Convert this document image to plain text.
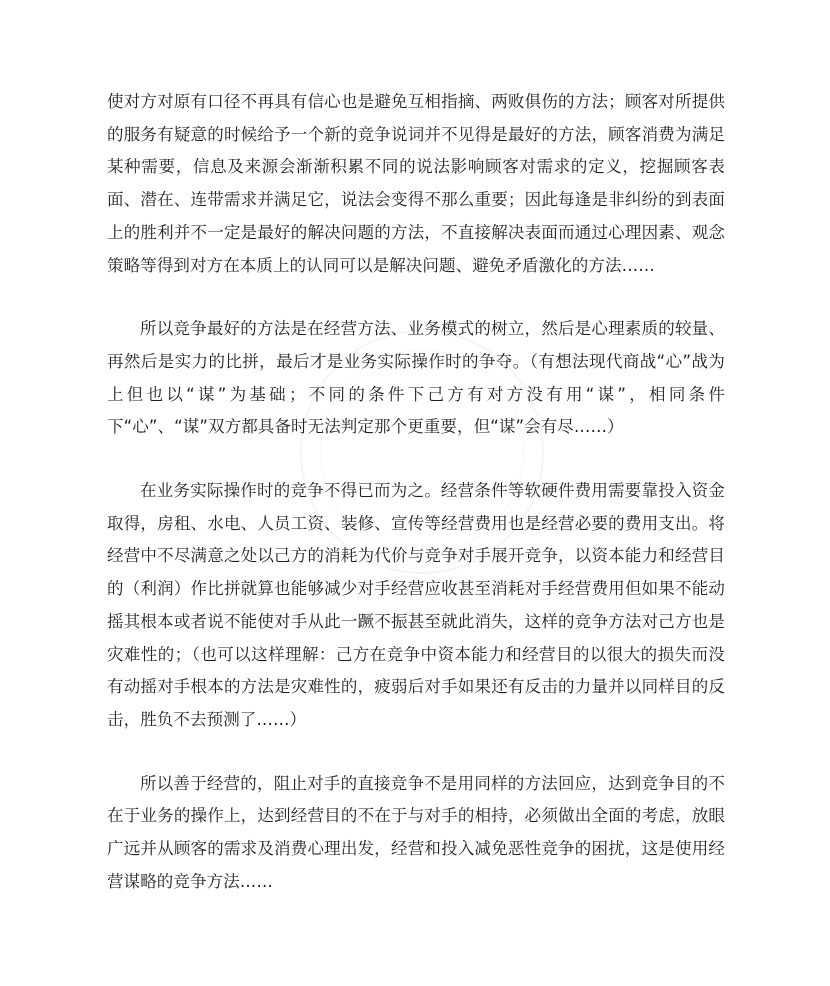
使对方对原有口径不再具有信心也是避免互相指摘、两败俱伤的方法；顾客对所提供的服务有疑意的时候给予一个新的竞争说词并不见得是最好的方法，顾客消费为满足某种需要，信息及来源会渐渐积累不同的说法影响顾客对需求的定义，挖掘顾客表面、潜在、连带需求并满足它，说法会变得不那么重要；因此每逢是非纠纷的到表面上的胜利并不一定是最好的解决问题的方法，不直接解决表面而通过心理因素、观念策略等得到对方在本质上的认同可以是解决问题、避免矛盾激化的方法……

所以竞争最好的方法是在经营方法、业务模式的树立，然后是心理素质的较量、再然后是实力的比拼，最后才是业务实际操作时的争夺。（有想法现代商战“心”战为上但也以“谋”为基础；不同的条件下己方有对方没有用“谋”，相同条件下“心”、“谋”双方都具备时无法判定那个更重要，但“谋”会有尽……）

在业务实际操作时的竞争不得已而为之。经营条件等软硬件费用需要靠投入资金取得，房租、水电、人员工资、装修、宣传等经营费用也是经营必要的费用支出。将经营中不尽满意之处以己方的消耗为代价与竞争对手展开竞争，以资本能力和经营目的（利润）作比拼就算也能够减少对手经营应收甚至消耗对手经营费用但如果不能动摇其根本或者说不能使对手从此一蹶不振甚至就此消失，这样的竞争方法对己方也是灾难性的；（也可以这样理解：己方在竞争中资本能力和经营目的以很大的损失而没有动摇对手根本的方法是灾难性的，疲弱后对手如果还有反击的力量并以同样目的反击，胜负不去预测了……）

所以善于经营的，阻止对手的直接竞争不是用同样的方法回应，达到竞争目的不在于业务的操作上，达到经营目的不在于与对手的相持，必须做出全面的考虑，放眼广远并从顾客的需求及消费心理出发，经营和投入减免恶性竞争的困扰，这是使用经营谋略的竞争方法……
